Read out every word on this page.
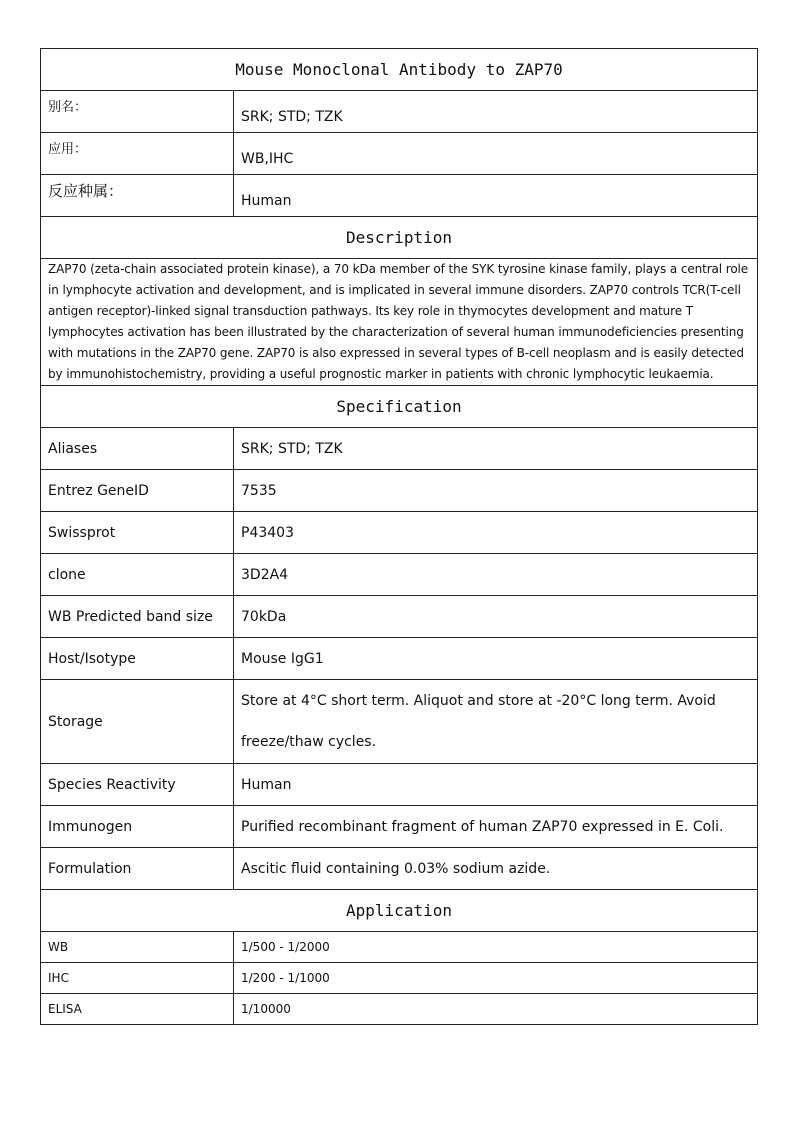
Mouse Monoclonal Antibody to ZAP70	
别名：	SRK; STD; TZK
应用：	WB,IHC
反应种属：	Human
Description	
ZAP70 (zeta-chain associated protein kinase), a 70 kDa member of the SYK tyrosine kinase family, plays a central role in lymphocyte activation and development, and is implicated in several immune disorders. ZAP70 controls TCR(T-cell antigen receptor)-linked signal transduction pathways. Its key role in thymocytes development and mature T lymphocytes activation has been illustrated by the characterization of several human immunodeficiencies presenting with mutations in the ZAP70 gene. ZAP70 is also expressed in several types of B-cell neoplasm and is easily detected by immunohistochemistry, providing a useful prognostic marker in patients with chronic lymphocytic leukaemia.	
Specification	
Aliases	SRK; STD; TZK
Entrez GeneID	7535
Swissprot	P43403
clone	3D2A4
WB Predicted band size	70kDa
Host/Isotype	Mouse IgG1
Storage	Store at 4°C short term. Aliquot and store at -20°C long term. Avoid freeze/thaw cycles.
Species Reactivity	Human
Immunogen	Purified recombinant fragment of human ZAP70 expressed in E. Coli.
Formulation	Ascitic fluid containing 0.03% sodium azide.
Application	
WB	1/500 - 1/2000
IHC	1/200 - 1/1000
ELISA	1/10000
